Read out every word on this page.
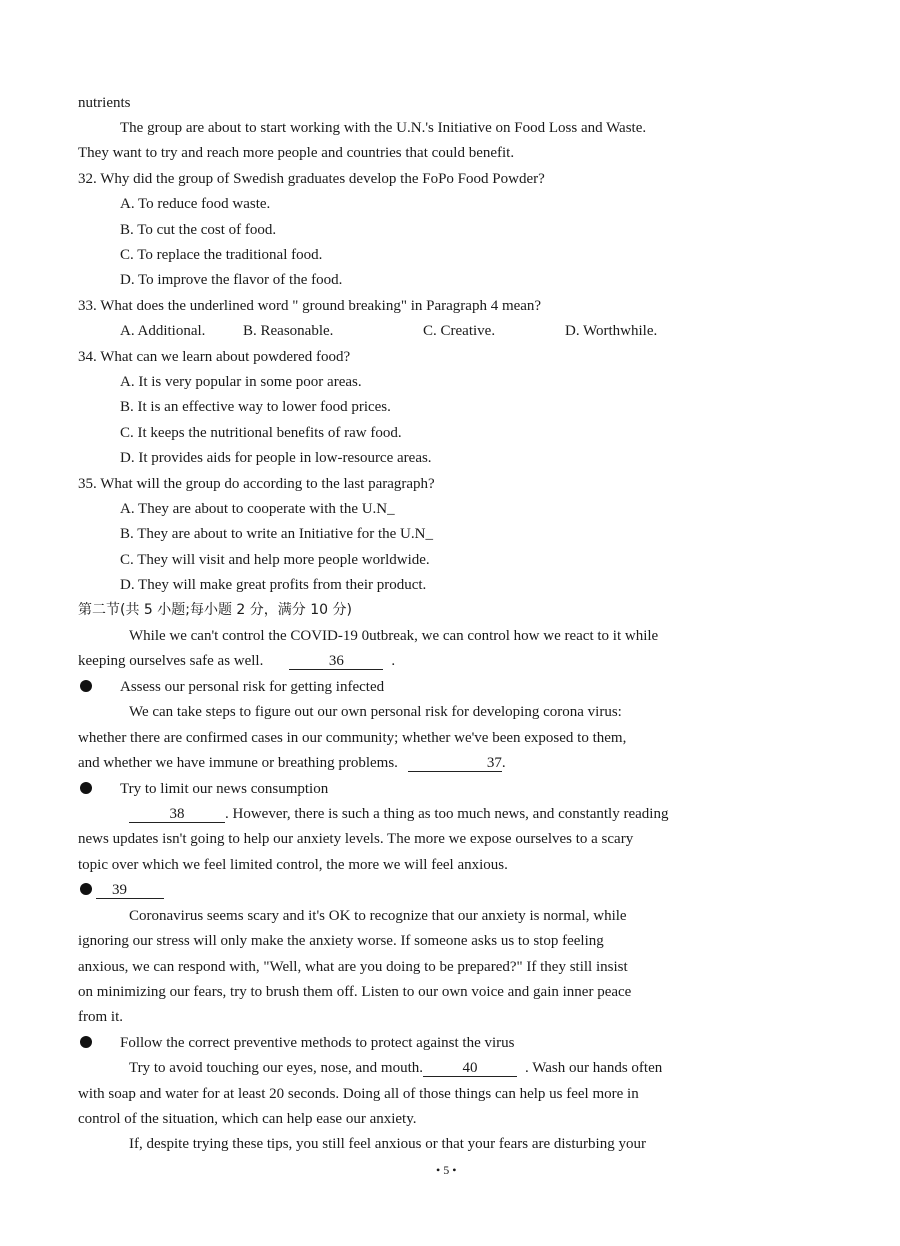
nutrients
The group are about to start working with the U.N.'s Initiative on Food Loss and Waste.
They want to try and reach more people and countries that could benefit.
32. Why did the group of Swedish graduates develop the FoPo Food Powder?
A. To reduce food waste.
B. To cut the cost of food.
C. To replace the traditional food.
D. To improve the flavor of the food.
33. What does the underlined word " ground breaking" in Paragraph 4 mean?
A. Additional.	B. Reasonable.	C. Creative.	D. Worthwhile.
34. What can we learn about powdered food?
A. It is very popular in some poor areas.
B. It is an effective way to lower food prices.
C. It keeps the nutritional benefits of raw food.
D. It provides aids for people in low-resource areas.
35. What will the group do according to the last paragraph?
A. They are about to cooperate with the U.N_
B. They are about to write an Initiative for the U.N_
C. They will visit and help more people worldwide.
D. They will make great profits from their product.
第二节(共 5 小题;每小题 2 分，满分 10 分)
While we can't control the COVID-19 0utbreak, we can control how we react to it while
keeping ourselves safe as well.	36	.
Assess our personal risk for getting infected
We can take steps to figure out our own personal risk for developing corona virus:
whether there are confirmed cases in our community; whether we've been exposed to them,
and whether we have immune or breathing problems.	37.
Try to limit our news consumption
38	. However, there is such a thing as too much news, and constantly reading
news updates isn't going to help our anxiety levels. The more we expose ourselves to a scary
topic over which we feel limited control, the more we will feel anxious.
39
Coronavirus seems scary and it's OK to recognize that our anxiety is normal, while
ignoring our stress will only make the anxiety worse. If someone asks us to stop feeling
anxious, we can respond with, "Well, what are you doing to be prepared?" If they still insist
on minimizing our fears, try to brush them off. Listen to our own voice and gain inner peace
from it.
Follow the correct preventive methods to protect against the virus
Try to avoid touching our eyes, nose, and mouth.	40	. Wash our hands often
with soap and water for at least 20 seconds. Doing all of those things can help us feel more in
control of the situation, which can help ease our anxiety.
If, despite trying these tips, you still feel anxious or that your fears are disturbing your
• 5 •
